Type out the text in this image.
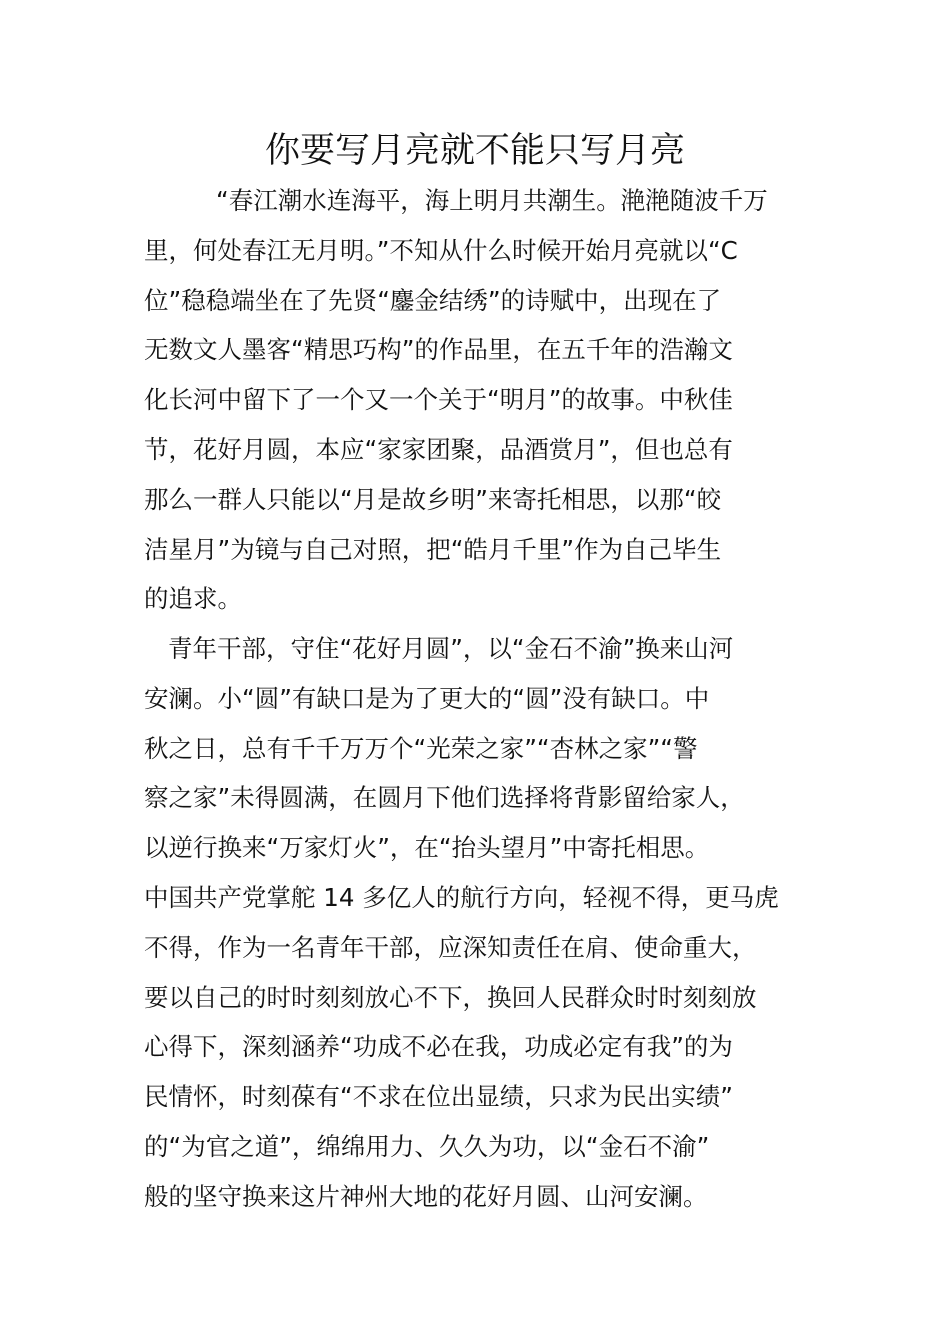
你要写月亮就不能只写月亮
“春江潮水连海平，海上明月共潮生。滟滟随波千万
里，何处春江无月明。”不知从什么时候开始月亮就以“C
位”稳稳端坐在了先贤“鏖金结绣”的诗赋中，出现在了
无数文人墨客“精思巧构”的作品里，在五千年的浩瀚文
化长河中留下了一个又一个关于“明月”的故事。中秋佳
节，花好月圆，本应“家家团聚，品酒赏月”，但也总有
那么一群人只能以“月是故乡明”来寄托相思，以那“皎
洁星月”为镜与自己对照，把“皓月千里”作为自己毕生
的追求。
青年干部，守住“花好月圆”，以“金石不渝”换来山河
安澜。小“圆”有缺口是为了更大的“圆”没有缺口。中
秋之日，总有千千万万个“光荣之家”“杏林之家”“警
察之家”未得圆满，在圆月下他们选择将背影留给家人，
以逆行换来“万家灯火”，在“抬头望月”中寄托相思。
中国共产党掌舵 14 多亿人的航行方向，轻视不得，更马虎
不得，作为一名青年干部，应深知责任在肩、使命重大，
要以自己的时时刻刻放心不下，换回人民群众时时刻刻放
心得下，深刻涵养“功成不必在我，功成必定有我”的为
民情怀，时刻葆有“不求在位出显绩，只求为民出实绩”
的“为官之道”，绵绵用力、久久为功，以“金石不渝”
般的坚守换来这片神州大地的花好月圆、山河安澜。
